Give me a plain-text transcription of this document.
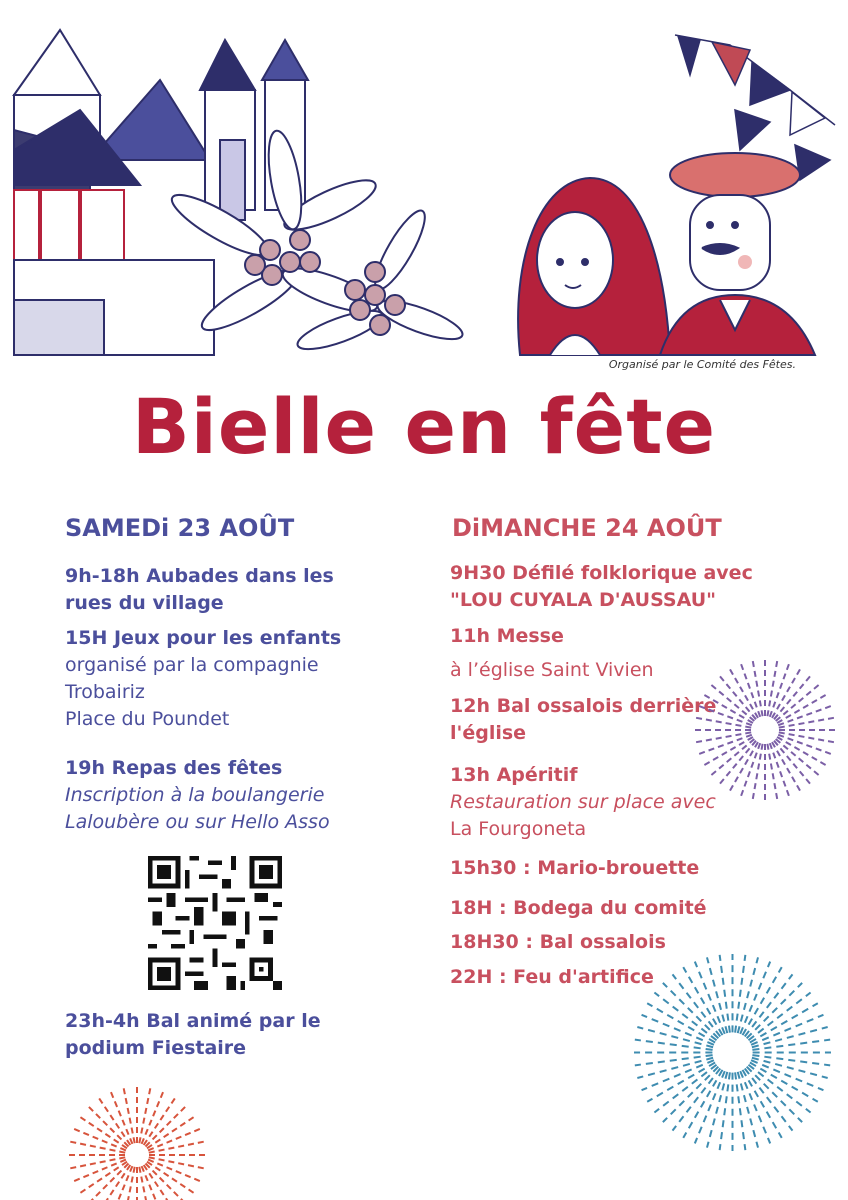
Organisé par le Comité des Fêtes.
Bielle en fête
SAMEDi 23 AOÛT
9h-18h Aubades dans les
rues du village
15H Jeux pour les enfants
organisé par la compagnie
Trobairiz
Place du Poundet
19h Repas des fêtes
Inscription à la boulangerie
Laloubère ou sur Hello Asso
23h-4h Bal animé par le
podium Fiestaire
DiMANCHE 24 AOÛT
9H30 Défilé folklorique avec
"LOU CUYALA D'AUSSAU"
11h Messe
à l’église Saint Vivien
12h Bal ossalois derrière
l'église
13h Apéritif
Restauration sur place avec
La Fourgoneta
15h30 : Mario-brouette
18H : Bodega du comité
18H30 : Bal ossalois
22H : Feu d'artifice
